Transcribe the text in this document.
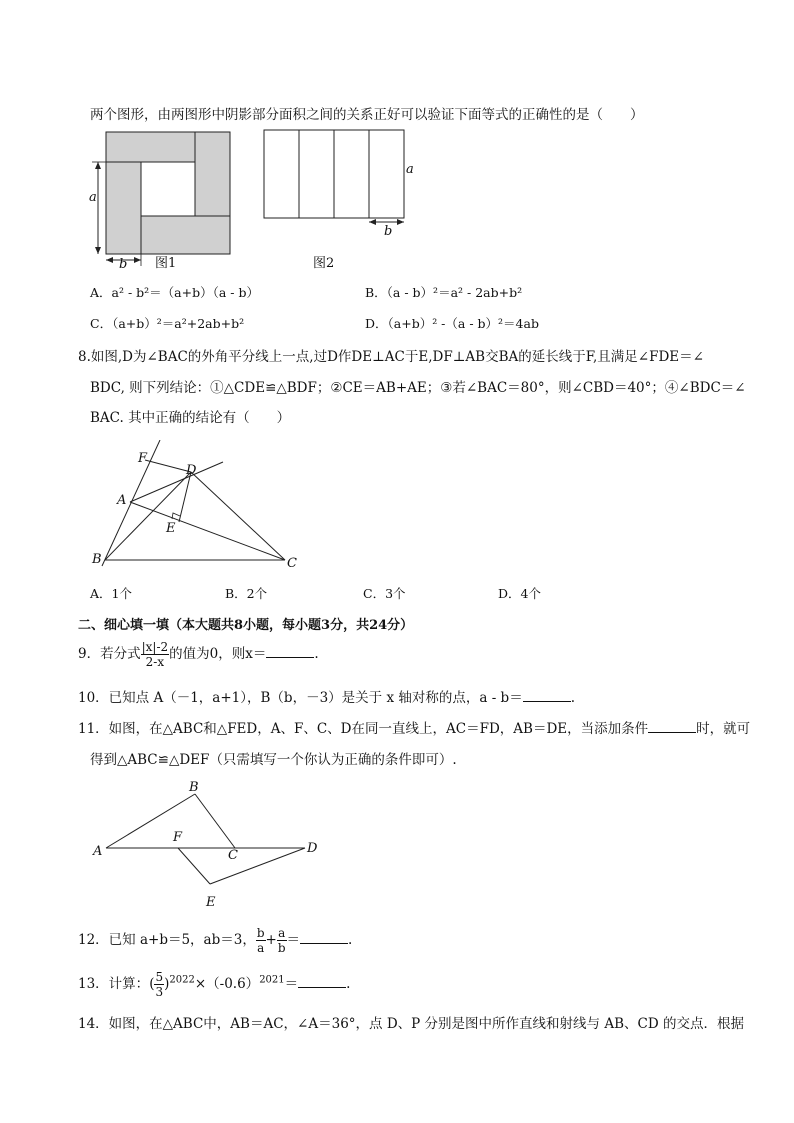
两个图形，由两图形中阴影部分面积之间的关系正好可以验证下面等式的正确性的是（　　）
a
b 图1
a
b
图2
A．a² - b²＝（a+b）（a - b）	B．（a - b）²＝a² - 2ab+b²
C．（a+b）²＝a²+2ab+b²	D．（a+b）² -（a - b）²＝4ab
8.如图,D为∠BAC的外角平分线上一点,过D作DE⊥AC于E,DF⊥AB交BA的延长线于F,且满足∠FDE＝∠
BDC, 则下列结论：①△CDE≌△BDF；②CE＝AB+AE；③若∠BAC＝80°，则∠CBD＝40°；④∠BDC＝∠
BAC. 其中正确的结论有（　　）
F
D
A
E
B	C
A．1个	B．2个	C．3个	D．4个
二、细心填一填（本大题共8小题，每小题3分，共24分）
9．若分式 $\frac{|x|-2}{2-x}$ 的值为0，则x＝	.
10．已知点 A（－1，a+1），B（b，－3）是关于 x 轴对称的点，a - b＝	.
11．如图，在△ABC和△FED，A、F、C、D在同一直线上，AC＝FD，AB＝DE，当添加条件	时，就可
得到△ABC≌△DEF（只需填写一个你认为正确的条件即可）.
A
B
F
C	D
E
12．已知 a+b＝5，ab＝3， $\frac{b}{a} + \frac{a}{b}$ ＝	.
13．计算：( $\frac{5}{3} )^{2022}\times(-0.6)^{2021}=$	.
14．如图，在△ABC中，AB＝AC，∠A＝36°，点 D、P 分别是图中所作直线和射线与 AB、CD 的交点．根据
